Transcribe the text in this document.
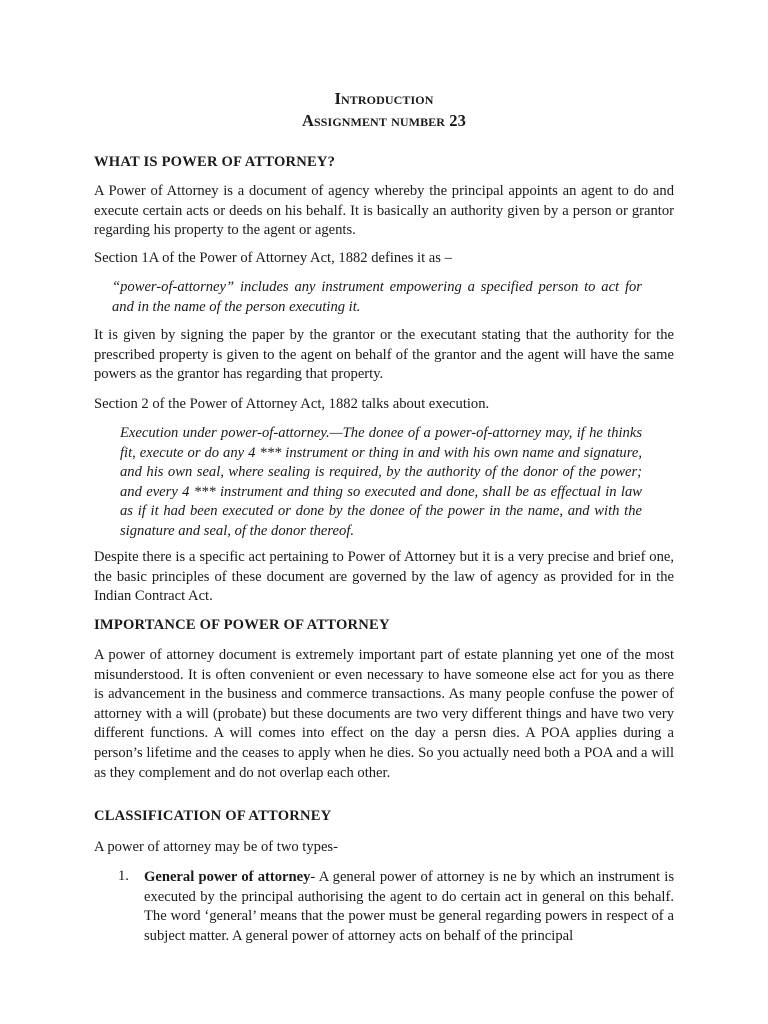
Introduction
Assignment number 23
WHAT IS POWER OF ATTORNEY?

A Power of Attorney is a document of agency whereby the principal appoints an agent to do and execute certain acts or deeds on his behalf. It is basically an authority given by a person or grantor regarding his property to the agent or agents.

Section 1A of the Power of Attorney Act, 1882 defines it as –

“power-of-attorney” includes any instrument empowering a specified person to act for and in the name of the person executing it.

It is given by signing the paper by the grantor or the executant stating that the authority for the prescribed property is given to the agent on behalf of the grantor and the agent will have the same powers as the grantor has regarding that property.

Section 2 of the Power of Attorney Act, 1882 talks about execution.

Execution under power-of-attorney.—The donee of a power-of-attorney may, if he thinks fit, execute or do any 4 *** instrument or thing in and with his own name and signature, and his own seal, where sealing is required, by the authority of the donor of the power; and every 4 *** instrument and thing so executed and done, shall be as effectual in law as if it had been executed or done by the donee of the power in the name, and with the signature and seal, of the donor thereof.

Despite there is a specific act pertaining to Power of Attorney but it is a very precise and brief one, the basic principles of these document are governed by the law of agency as provided for in the Indian Contract Act.

IMPORTANCE OF POWER OF ATTORNEY

A power of attorney document is extremely important part of estate planning yet one of the most misunderstood. It is often convenient or even necessary to have someone else act for you as there is advancement in the business and commerce transactions. As many people confuse the power of attorney with a will (probate) but these documents are two very different things and have two very different functions. A will comes into effect on the day a persn dies. A POA applies during a person’s lifetime and the ceases to apply when he dies. So you actually need both a POA and a will as they complement and do not overlap each other.

CLASSIFICATION OF ATTORNEY

A power of attorney may be of two types-

1. General power of attorney- A general power of attorney is ne by which an instrument is executed by the principal authorising the agent to do certain act in general on this behalf. The word ‘general’ means that the power must be general regarding powers in respect of a subject matter. A general power of attorney acts on behalf of the principal
